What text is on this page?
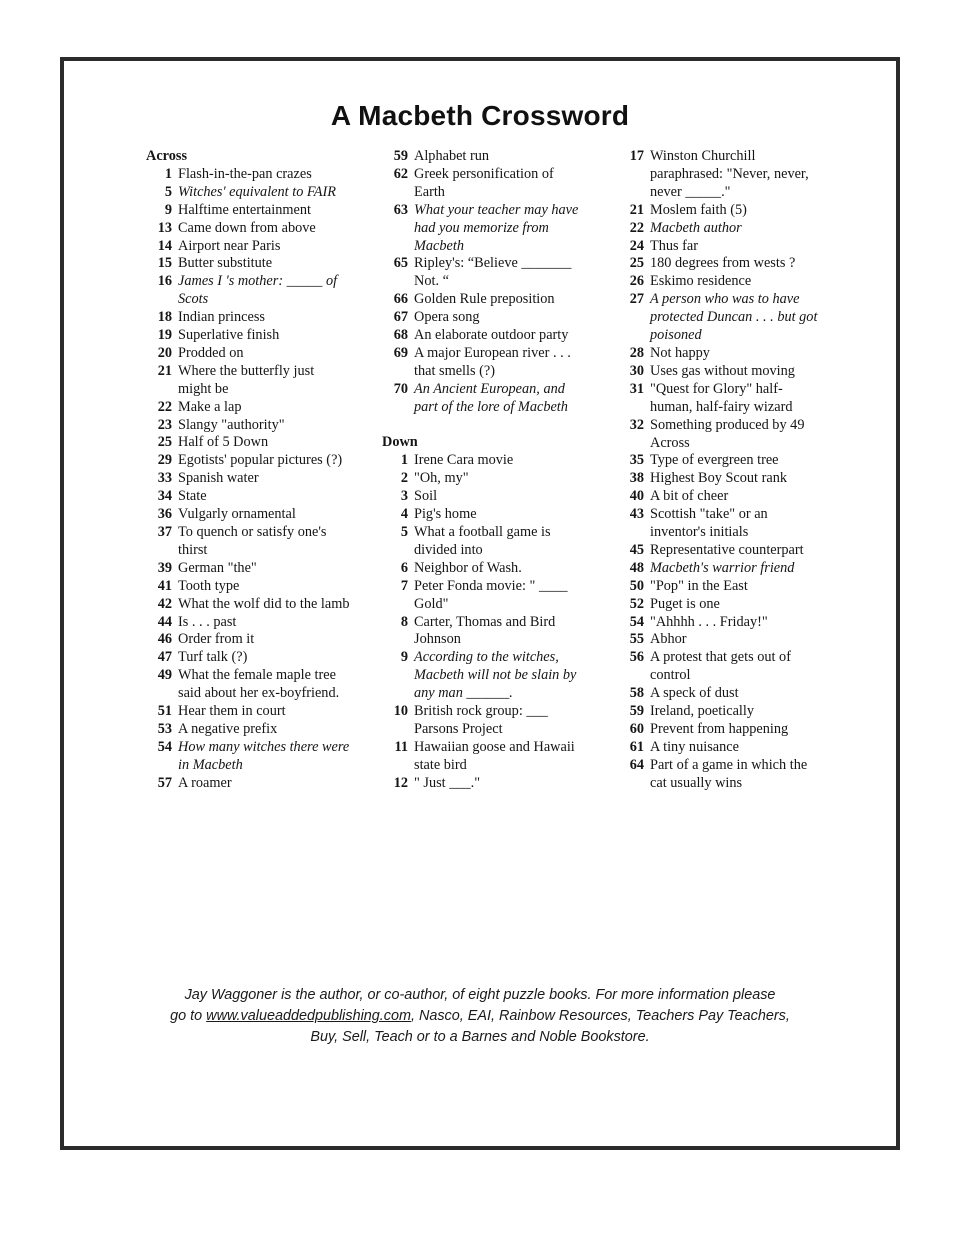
A Macbeth Crossword
Across
1 Flash-in-the-pan crazes
5 Witches' equivalent to FAIR
9 Halftime entertainment
13 Came down from above
14 Airport near Paris
15 Butter substitute
16 James I 's mother: _____ of Scots
18 Indian princess
19 Superlative finish
20 Prodded on
21 Where the butterfly just might be
22 Make a lap
23 Slangy "authority"
25 Half of 5 Down
29 Egotists' popular pictures (?)
33 Spanish water
34 State
36 Vulgarly ornamental
37 To quench or satisfy one's thirst
39 German "the"
41 Tooth type
42 What the wolf did to the lamb
44 Is . . . past
46 Order from it
47 Turf talk (?)
49 What the female maple tree said about her ex-boyfriend.
51 Hear them in court
53 A negative prefix
54 How many witches there were in Macbeth
57 A roamer
59 Alphabet run
62 Greek personification of Earth
63 What your teacher may have had you memorize from Macbeth
65 Ripley's: “Believe _______ Not. “
66 Golden Rule preposition
67 Opera song
68 An elaborate outdoor party
69 A major European river . . . that smells (?)
70 An Ancient European, and part of the lore of Macbeth
Down
1 Irene Cara movie
2 "Oh, my"
3 Soil
4 Pig's home
5 What a football game is divided into
6 Neighbor of Wash.
7 Peter Fonda movie: " ____ Gold"
8 Carter, Thomas and Bird Johnson
9 According to the witches, Macbeth will not be slain by any man ______.
10 British rock group: ___ Parsons Project
11 Hawaiian goose and Hawaii state bird
12 " Just ___."
17 Winston Churchill paraphrased: "Never, never, never _____."
21 Moslem faith (5)
22 Macbeth author
24 Thus far
25 180 degrees from wests ?
26 Eskimo residence
27 A person who was to have protected Duncan . . . but got poisoned
28 Not happy
30 Uses gas without moving
31 "Quest for Glory" half-human, half-fairy wizard
32 Something produced by 49 Across
35 Type of evergreen tree
38 Highest Boy Scout rank
40 A bit of cheer
43 Scottish "take" or an inventor's initials
45 Representative counterpart
48 Macbeth's warrior friend
50 "Pop" in the East
52 Puget is one
54 "Ahhhh . . . Friday!"
55 Abhor
56 A protest that gets out of control
58 A speck of dust
59 Ireland, poetically
60 Prevent from happening
61 A tiny nuisance
64 Part of a game in which the cat usually wins
Jay Waggoner is the author, or co-author, of eight puzzle books. For more information please
go to www.valueaddedpublishing.com, Nasco, EAI, Rainbow Resources, Teachers Pay Teachers,
Buy, Sell, Teach or to a Barnes and Noble Bookstore.
